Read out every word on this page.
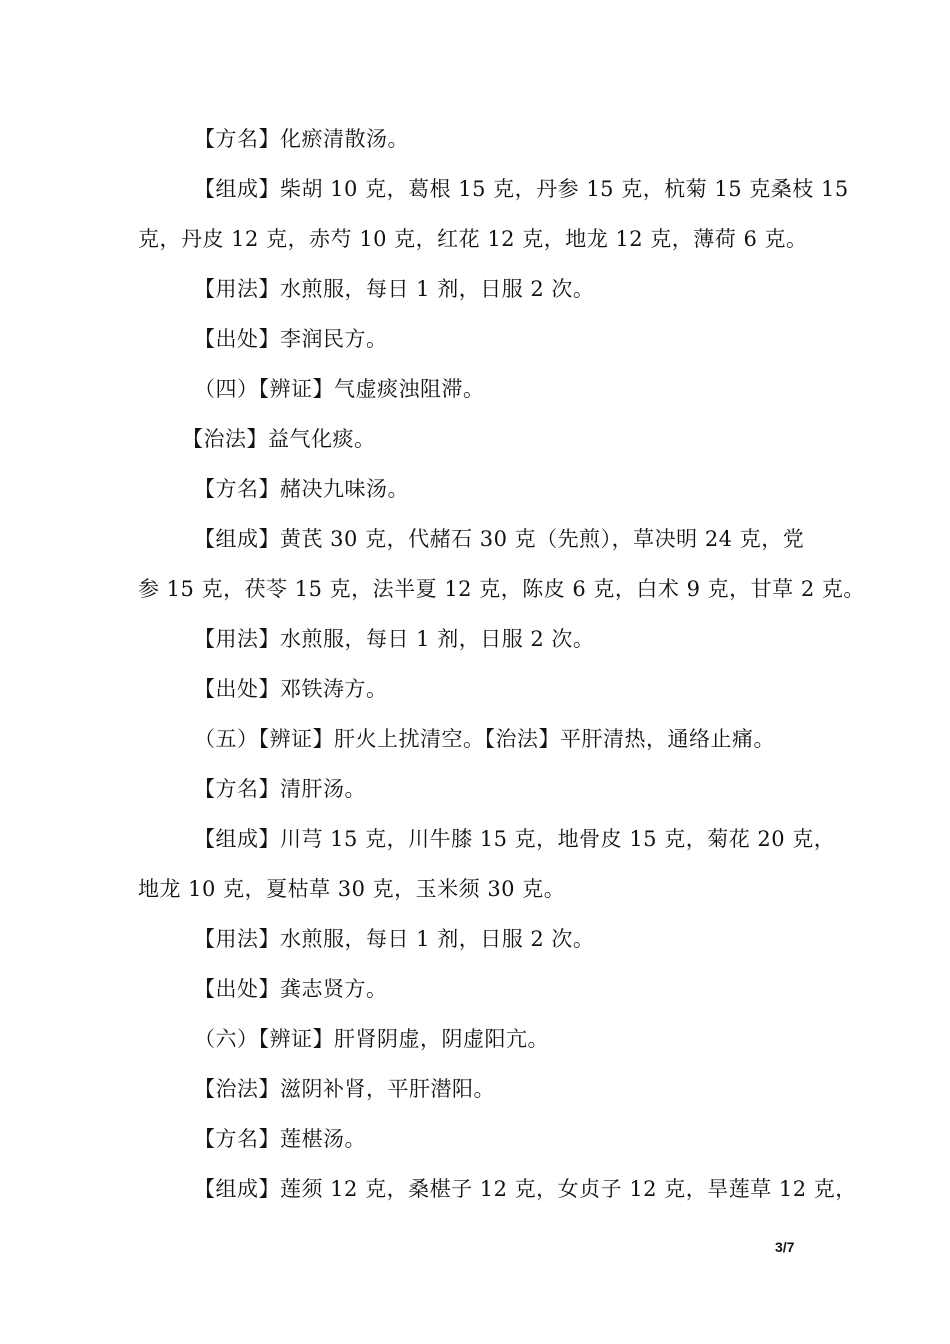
【方名】化瘀清散汤。
【组成】柴胡 10 克，葛根 15 克，丹参 15 克，杭菊 15 克桑枝 15
克，丹皮 12 克，赤芍 10 克，红花 12 克，地龙 12 克，薄荷 6 克。
【用法】水煎服，每日 1 剂，日服 2 次。
【出处】李润民方。
（四）【辨证】气虚痰浊阻滞。
【治法】益气化痰。
【方名】赭决九味汤。
【组成】黄芪 30 克，代赭石 30 克（先煎），草决明 24 克，党
参 15 克，茯苓 15 克，法半夏 12 克，陈皮 6 克，白术 9 克，甘草 2 克。
【用法】水煎服，每日 1 剂，日服 2 次。
【出处】邓铁涛方。
（五）【辨证】肝火上扰清空。【治法】平肝清热，通络止痛。
【方名】清肝汤。
【组成】川芎 15 克，川牛膝 15 克，地骨皮 15 克，菊花 20 克，
地龙 10 克，夏枯草 30 克，玉米须 30 克。
【用法】水煎服，每日 1 剂，日服 2 次。
【出处】龚志贤方。
（六）【辨证】肝肾阴虚，阴虚阳亢。
【治法】滋阴补肾，平肝潜阳。
【方名】莲椹汤。
【组成】莲须 12 克，桑椹子 12 克，女贞子 12 克，旱莲草 12 克，
3/7
